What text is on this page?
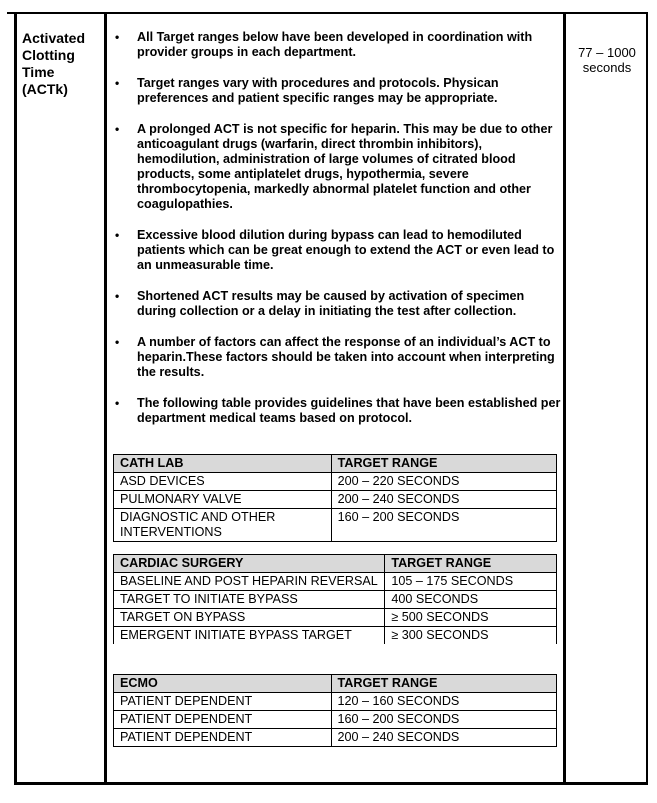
Activated
Clotting
Time
(ACTk)
77 – 1000
seconds
• All Target ranges below have been developed in coordination with provider groups in each department.
• Target ranges vary with procedures and protocols. Physican preferences and patient specific ranges may be appropriate.
• A prolonged ACT is not specific for heparin. This may be due to other anticoagulant drugs (warfarin, direct thrombin inhibitors), hemodilution, administration of large volumes of citrated blood products, some antiplatelet drugs, hypothermia, severe thrombocytopenia, markedly abnormal platelet function and other coagulopathies.
• Excessive blood dilution during bypass can lead to hemodiluted patients which can be great enough to extend the ACT or even lead to an unmeasurable time.
• Shortened ACT results may be caused by activation of specimen during collection or a delay in initiating the test after collection.
• A number of factors can affect the response of an individual’s ACT to heparin.These factors should be taken into account when interpreting the results.
• The following table provides guidelines that have been established per department medical teams based on protocol.
CATH LAB	TARGET RANGE
ASD DEVICES	200 – 220 SECONDS
PULMONARY VALVE	200 – 240 SECONDS
DIAGNOSTIC AND OTHER INTERVENTIONS	160 – 200 SECONDS
CARDIAC SURGERY	TARGET RANGE
BASELINE AND POST HEPARIN REVERSAL	105 – 175 SECONDS
TARGET TO INITIATE BYPASS	400 SECONDS
TARGET ON BYPASS	≥ 500 SECONDS
EMERGENT INITIATE BYPASS TARGET	≥ 300 SECONDS
ECMO	TARGET RANGE
PATIENT DEPENDENT	120 – 160 SECONDS
PATIENT DEPENDENT	160 – 200 SECONDS
PATIENT DEPENDENT	200 – 240 SECONDS
